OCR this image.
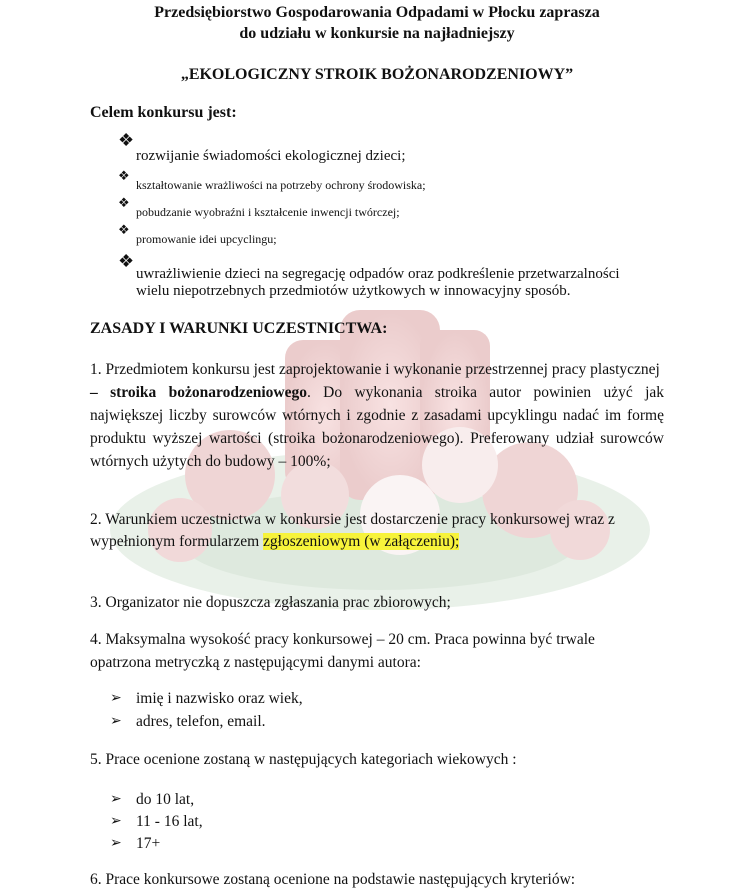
Przedsiębiorstwo Gospodarowania Odpadami w Płocku zaprasza
do udziału w konkursie na najładniejszy
„EKOLOGICZNY STROIK BOŻONARODZENIOWY”
Celem konkursu jest:
❖
rozwijanie świadomości ekologicznej dzieci;
❖
kształtowanie wrażliwości na potrzeby ochrony środowiska;
❖
pobudzanie wyobraźni i kształcenie inwencji twórczej;
❖
promowanie idei upcyclingu;
❖
uwrażliwienie dzieci na segregację odpadów oraz podkreślenie przetwarzalności
wielu niepotrzebnych przedmiotów użytkowych w innowacyjny sposób.
ZASADY I WARUNKI UCZESTNICTWA:
1. Przedmiotem konkursu jest zaprojektowanie i wykonanie przestrzennej pracy plastycznej
– stroika bożonarodzeniowego. Do wykonania stroika autor powinien użyć jak
największej liczby surowców wtórnych i zgodnie z zasadami upcyklingu nadać im formę
produktu wyższej wartości (stroika bożonarodzeniowego). Preferowany udział surowców
wtórnych użytych do budowy – 100%;
2. Warunkiem uczestnictwa w konkursie jest dostarczenie pracy konkursowej wraz z
wypełnionym formularzem zgłoszeniowym (w załączeniu);
3. Organizator nie dopuszcza zgłaszania prac zbiorowych;
4. Maksymalna wysokość pracy konkursowej – 20 cm. Praca powinna być trwale
opatrzona metryczką z następującymi danymi autora:
➢ imię i nazwisko oraz wiek,
➢ adres, telefon, email.
5. Prace ocenione zostaną w następujących kategoriach wiekowych :
➢ do 10 lat,
➢ 11 - 16 lat,
➢ 17+
6. Prace konkursowe zostaną ocenione na podstawie następujących kryteriów:
